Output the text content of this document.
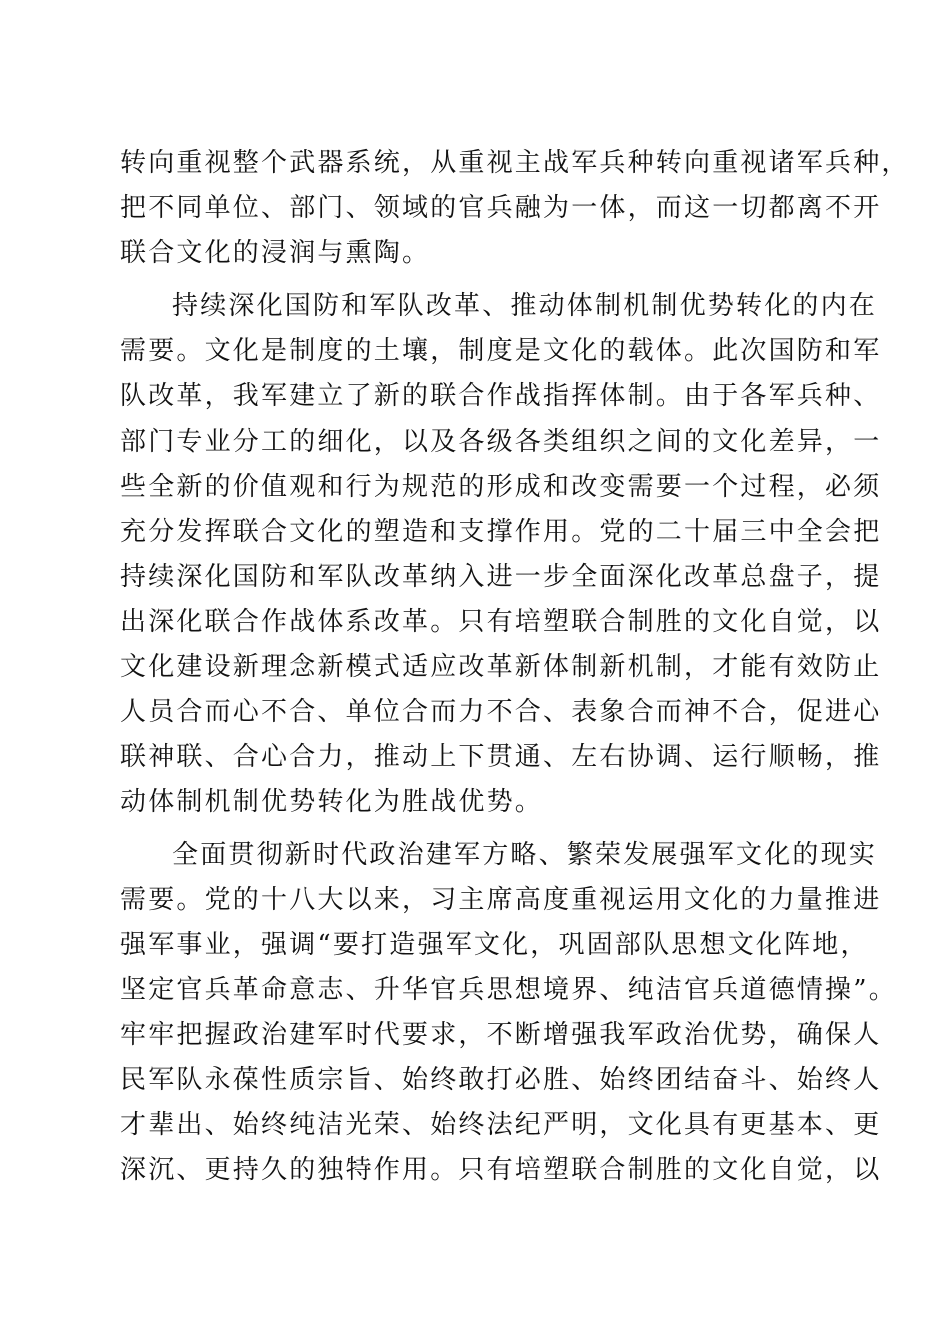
转向重视整个武器系统，从重视主战军兵种转向重视诸军兵种，
把不同单位、部门、领域的官兵融为一体，而这一切都离不开
联合文化的浸润与熏陶。
持续深化国防和军队改革、推动体制机制优势转化的内在
需要。文化是制度的土壤，制度是文化的载体。此次国防和军
队改革，我军建立了新的联合作战指挥体制。由于各军兵种、
部门专业分工的细化，以及各级各类组织之间的文化差异，一
些全新的价值观和行为规范的形成和改变需要一个过程，必须
充分发挥联合文化的塑造和支撑作用。党的二十届三中全会把
持续深化国防和军队改革纳入进一步全面深化改革总盘子，提
出深化联合作战体系改革。只有培塑联合制胜的文化自觉，以
文化建设新理念新模式适应改革新体制新机制，才能有效防止
人员合而心不合、单位合而力不合、表象合而神不合，促进心
联神联、合心合力，推动上下贯通、左右协调、运行顺畅，推
动体制机制优势转化为胜战优势。
全面贯彻新时代政治建军方略、繁荣发展强军文化的现实
需要。党的十八大以来，习主席高度重视运用文化的力量推进
强军事业，强调“要打造强军文化，巩固部队思想文化阵地，
坚定官兵革命意志、升华官兵思想境界、纯洁官兵道德情操”。
牢牢把握政治建军时代要求，不断增强我军政治优势，确保人
民军队永葆性质宗旨、始终敢打必胜、始终团结奋斗、始终人
才辈出、始终纯洁光荣、始终法纪严明，文化具有更基本、更
深沉、更持久的独特作用。只有培塑联合制胜的文化自觉，以
